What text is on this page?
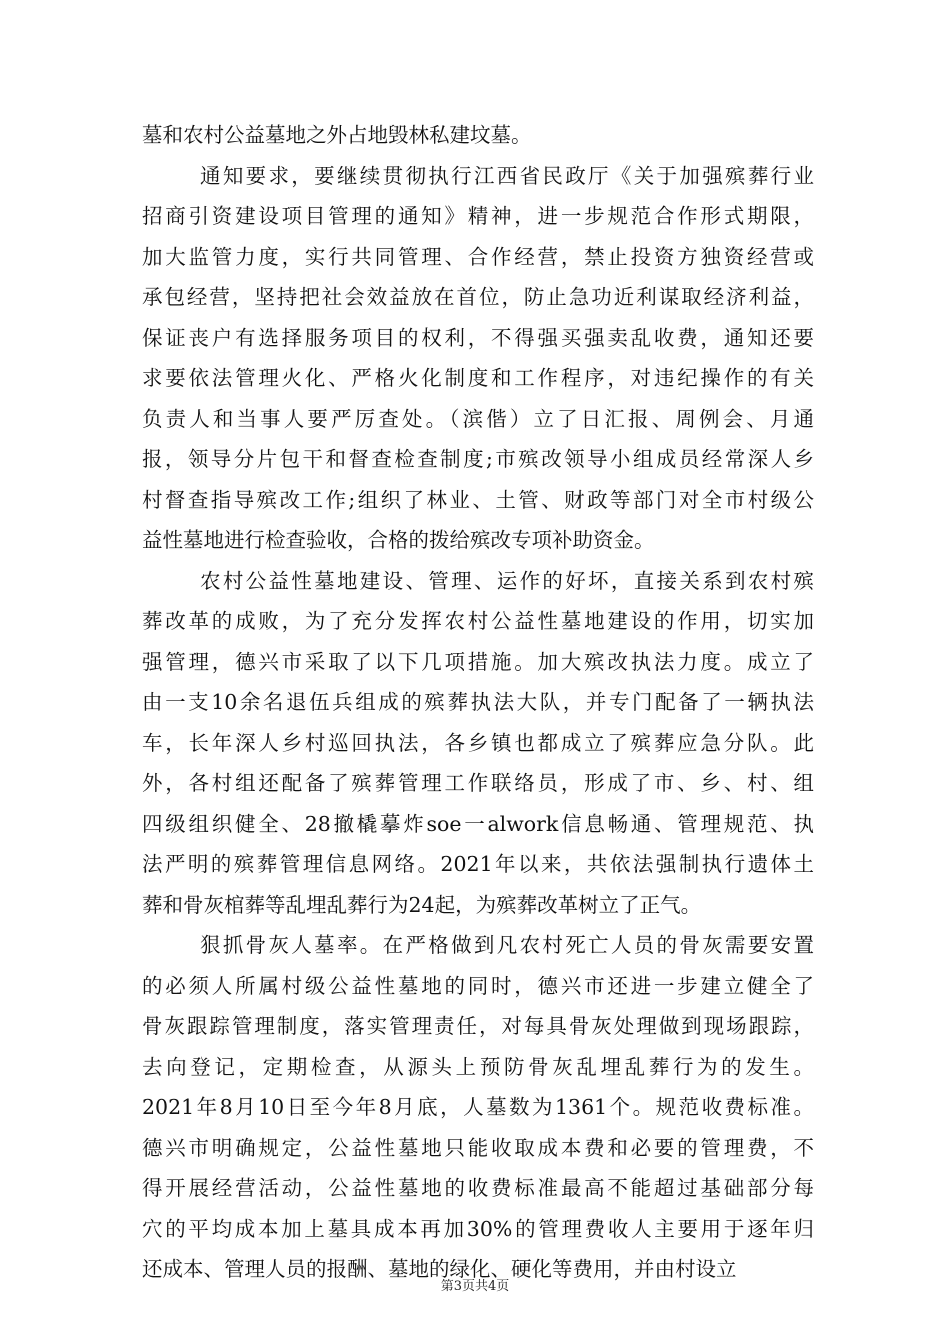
墓和农村公益墓地之外占地毁林私建坟墓。
通知要求，要继续贯彻执行江西省民政厅《关于加强殡葬行业
招商引资建设项目管理的通知》精神，进一步规范合作形式期限，
加大监管力度，实行共同管理、合作经营，禁止投资方独资经营或
承包经营，坚持把社会效益放在首位，防止急功近利谋取经济利益，
保证丧户有选择服务项目的权利，不得强买强卖乱收费，通知还要
求要依法管理火化、严格火化制度和工作程序，对违纪操作的有关
负责人和当事人要严厉查处。（滨偕）立了日汇报、周例会、月通
报，领导分片包干和督查检查制度;市殡改领导小组成员经常深人乡
村督查指导殡改工作;组织了林业、土管、财政等部门对全市村级公
益性墓地进行检查验收，合格的拨给殡改专项补助资金。
农村公益性墓地建设、管理、运作的好坏，直接关系到农村殡
葬改革的成败，为了充分发挥农村公益性墓地建设的作用，切实加
强管理，德兴市采取了以下几项措施。加大殡改执法力度。成立了
由一支10余名退伍兵组成的殡葬执法大队，并专门配备了一辆执法
车，长年深人乡村巡回执法，各乡镇也都成立了殡葬应急分队。此
外，各村组还配备了殡葬管理工作联络员，形成了市、乡、村、组
四级组织健全、28撤橇摹炸soe一alwork信息畅通、管理规范、执
法严明的殡葬管理信息网络。2021年以来，共依法强制执行遗体土
葬和骨灰棺葬等乱埋乱葬行为24起，为殡葬改革树立了正气。
狠抓骨灰人墓率。在严格做到凡农村死亡人员的骨灰需要安置
的必须人所属村级公益性墓地的同时，德兴市还进一步建立健全了
骨灰跟踪管理制度，落实管理责任，对每具骨灰处理做到现场跟踪，
去向登记，定期检查，从源头上预防骨灰乱埋乱葬行为的发生。
2021年8月10日至今年8月底，人墓数为1361个。规范收费标准。
德兴市明确规定，公益性墓地只能收取成本费和必要的管理费，不
得开展经营活动，公益性墓地的收费标准最高不能超过基础部分每
穴的平均成本加上墓具成本再加30%的管理费收人主要用于逐年归
还成本、管理人员的报酬、墓地的绿化、硬化等费用，并由村设立
第3页共4页
